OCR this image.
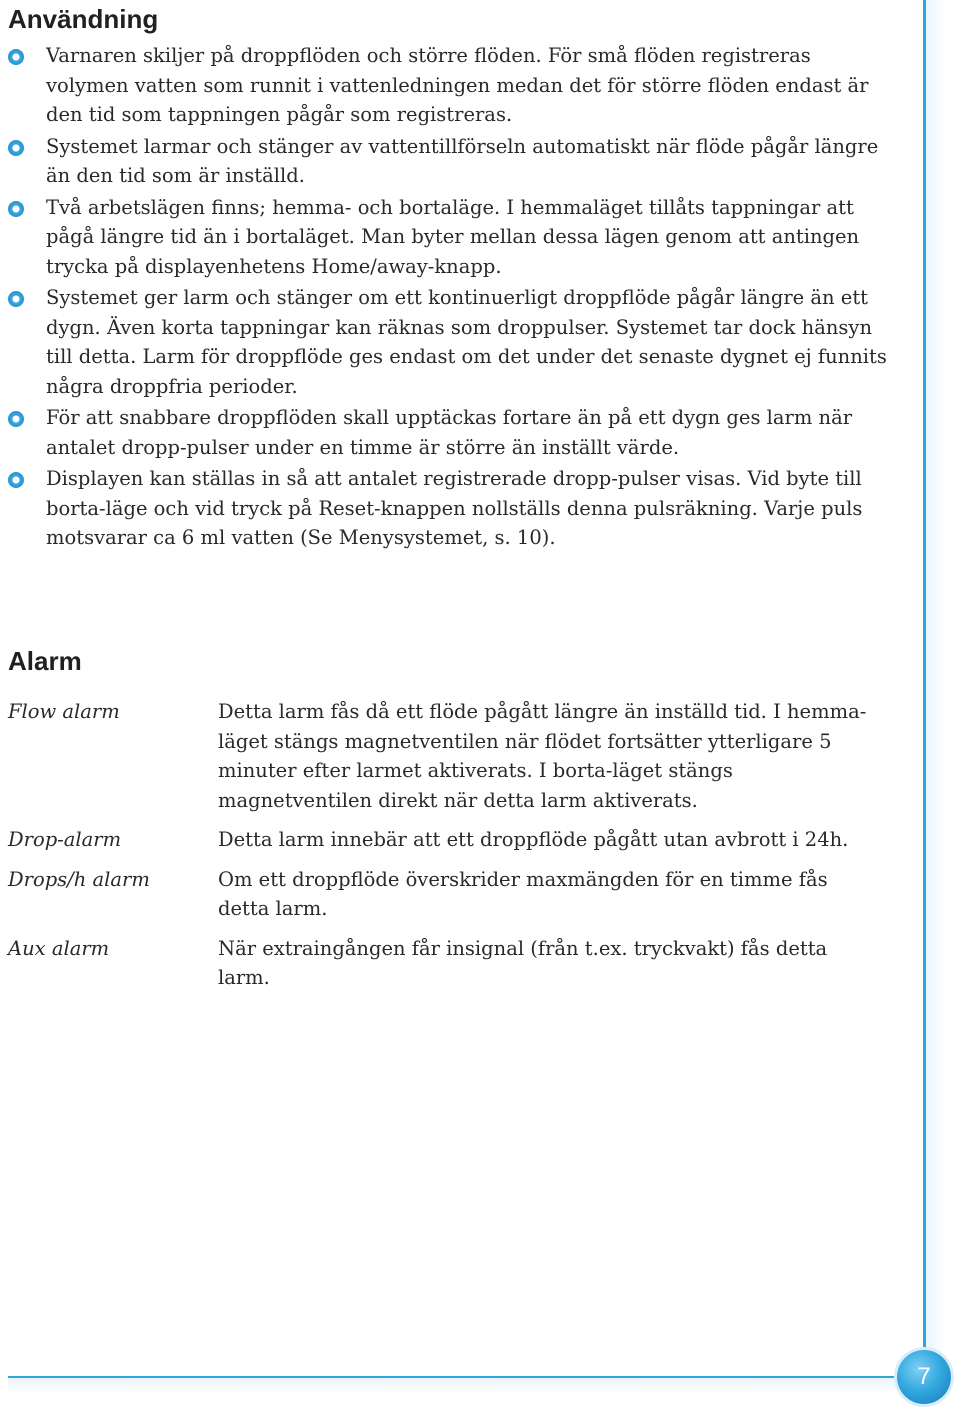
Användning
Varnaren skiljer på droppflöden och större flöden. För små flöden registreras volymen vatten som runnit i vattenledningen medan det för större flöden endast är den tid som tappningen pågår som registreras.
Systemet larmar och stänger av vattentillförseln automatiskt när flöde pågår längre än den tid som är inställd.
Två arbetslägen finns; hemma- och bortaläge. I hemmaläget tillåts tappningar att pågå längre tid än i bortaläget. Man byter mellan dessa lägen genom att antingen trycka på displayenhetens Home/away-knapp.
Systemet ger larm och stänger om ett kontinuerligt droppflöde pågår längre än ett dygn. Även korta tappningar kan räknas som droppulser. Systemet tar dock hänsyn till detta. Larm för droppflöde ges endast om det under det senaste dygnet ej funnits några droppfria perioder.
För att snabbare droppflöden skall upptäckas fortare än på ett dygn ges larm när antalet dropp-pulser under en timme är större än inställt värde.
Displayen kan ställas in så att antalet registrerade dropp-pulser visas. Vid byte till borta-läge och vid tryck på Reset-knappen nollställs denna pulsräkning. Varje puls motsvarar ca 6 ml vatten (Se Menysystemet, s. 10).
Alarm
Flow alarm	Detta larm fås då ett flöde pågått längre än inställd tid. I hemma-läget stängs magnetventilen när flödet fortsätter ytterligare 5 minuter efter larmet aktiverats. I borta-läget stängs magnetventilen direkt när detta larm aktiverats.
Drop-alarm	Detta larm innebär att ett droppflöde pågått utan avbrott i 24h.
Drops/h alarm	Om ett droppflöde överskrider maxmängden för en timme fås detta larm.
Aux alarm	När extraingången får insignal (från t.ex. tryckvakt) fås detta larm.
7
